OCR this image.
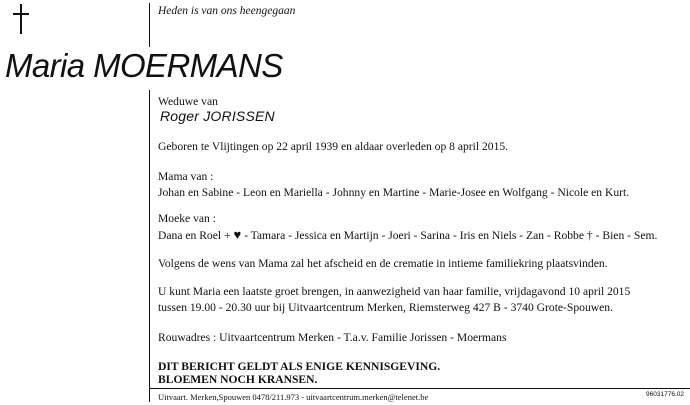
Heden is van ons heengegaan
Maria MOERMANS
Weduwe van
Roger JORISSEN
Geboren te Vlijtingen op 22 april 1939 en aldaar overleden op 8 april 2015.
Mama van :
Johan en Sabine - Leon en Mariella - Johnny en Martine - Marie-Josee en Wolfgang - Nicole en Kurt.
Moeke van :
Dana en Roel + ♥ - Tamara - Jessica en Martijn - Joeri - Sarina - Iris en Niels - Zan - Robbe † - Bien - Sem.
Volgens de wens van Mama zal het afscheid en de crematie in intieme familiekring plaatsvinden.
U kunt Maria een laatste groet brengen, in aanwezigheid van haar familie, vrijdagavond 10 april 2015
tussen 19.00 - 20.30 uur bij Uitvaartcentrum Merken, Riemsterweg 427 B - 3740 Grote-Spouwen.
Rouwadres : Uitvaartcentrum Merken - T.a.v. Familie Jorissen - Moermans
DIT BERICHT GELDT ALS ENIGE KENNISGEVING.
BLOEMEN NOCH KRANSEN.
Uitvaart. Merken,Spouwen 0478/211.973 - uitvaartcentrum.merken@telenet.be	96031776.02
